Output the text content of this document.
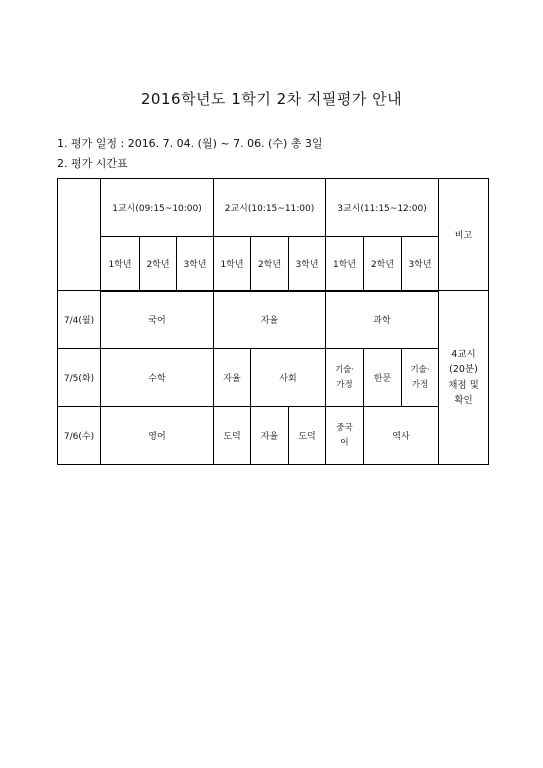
2016학년도 1학기 2차 지필평가 안내
1. 평가 일정 : 2016. 7. 04. (월) ~ 7. 06. (수) 총 3일
2. 평가 시간표
	1교시(09:15~10:00)			2교시(10:15~11:00)			3교시(11:15~12:00)			비고
	1학년	2학년	3학년	1학년	2학년	3학년	1학년	2학년	3학년	
7/4(월)	국어			자율			과학			4교시 (20분) 채점 및 확인

7/5(화)	수학			자율	사회		기술·가정	한문	기술·가정	

7/6(수)	영어			도덕	자율	도덕	중국어	역사		
